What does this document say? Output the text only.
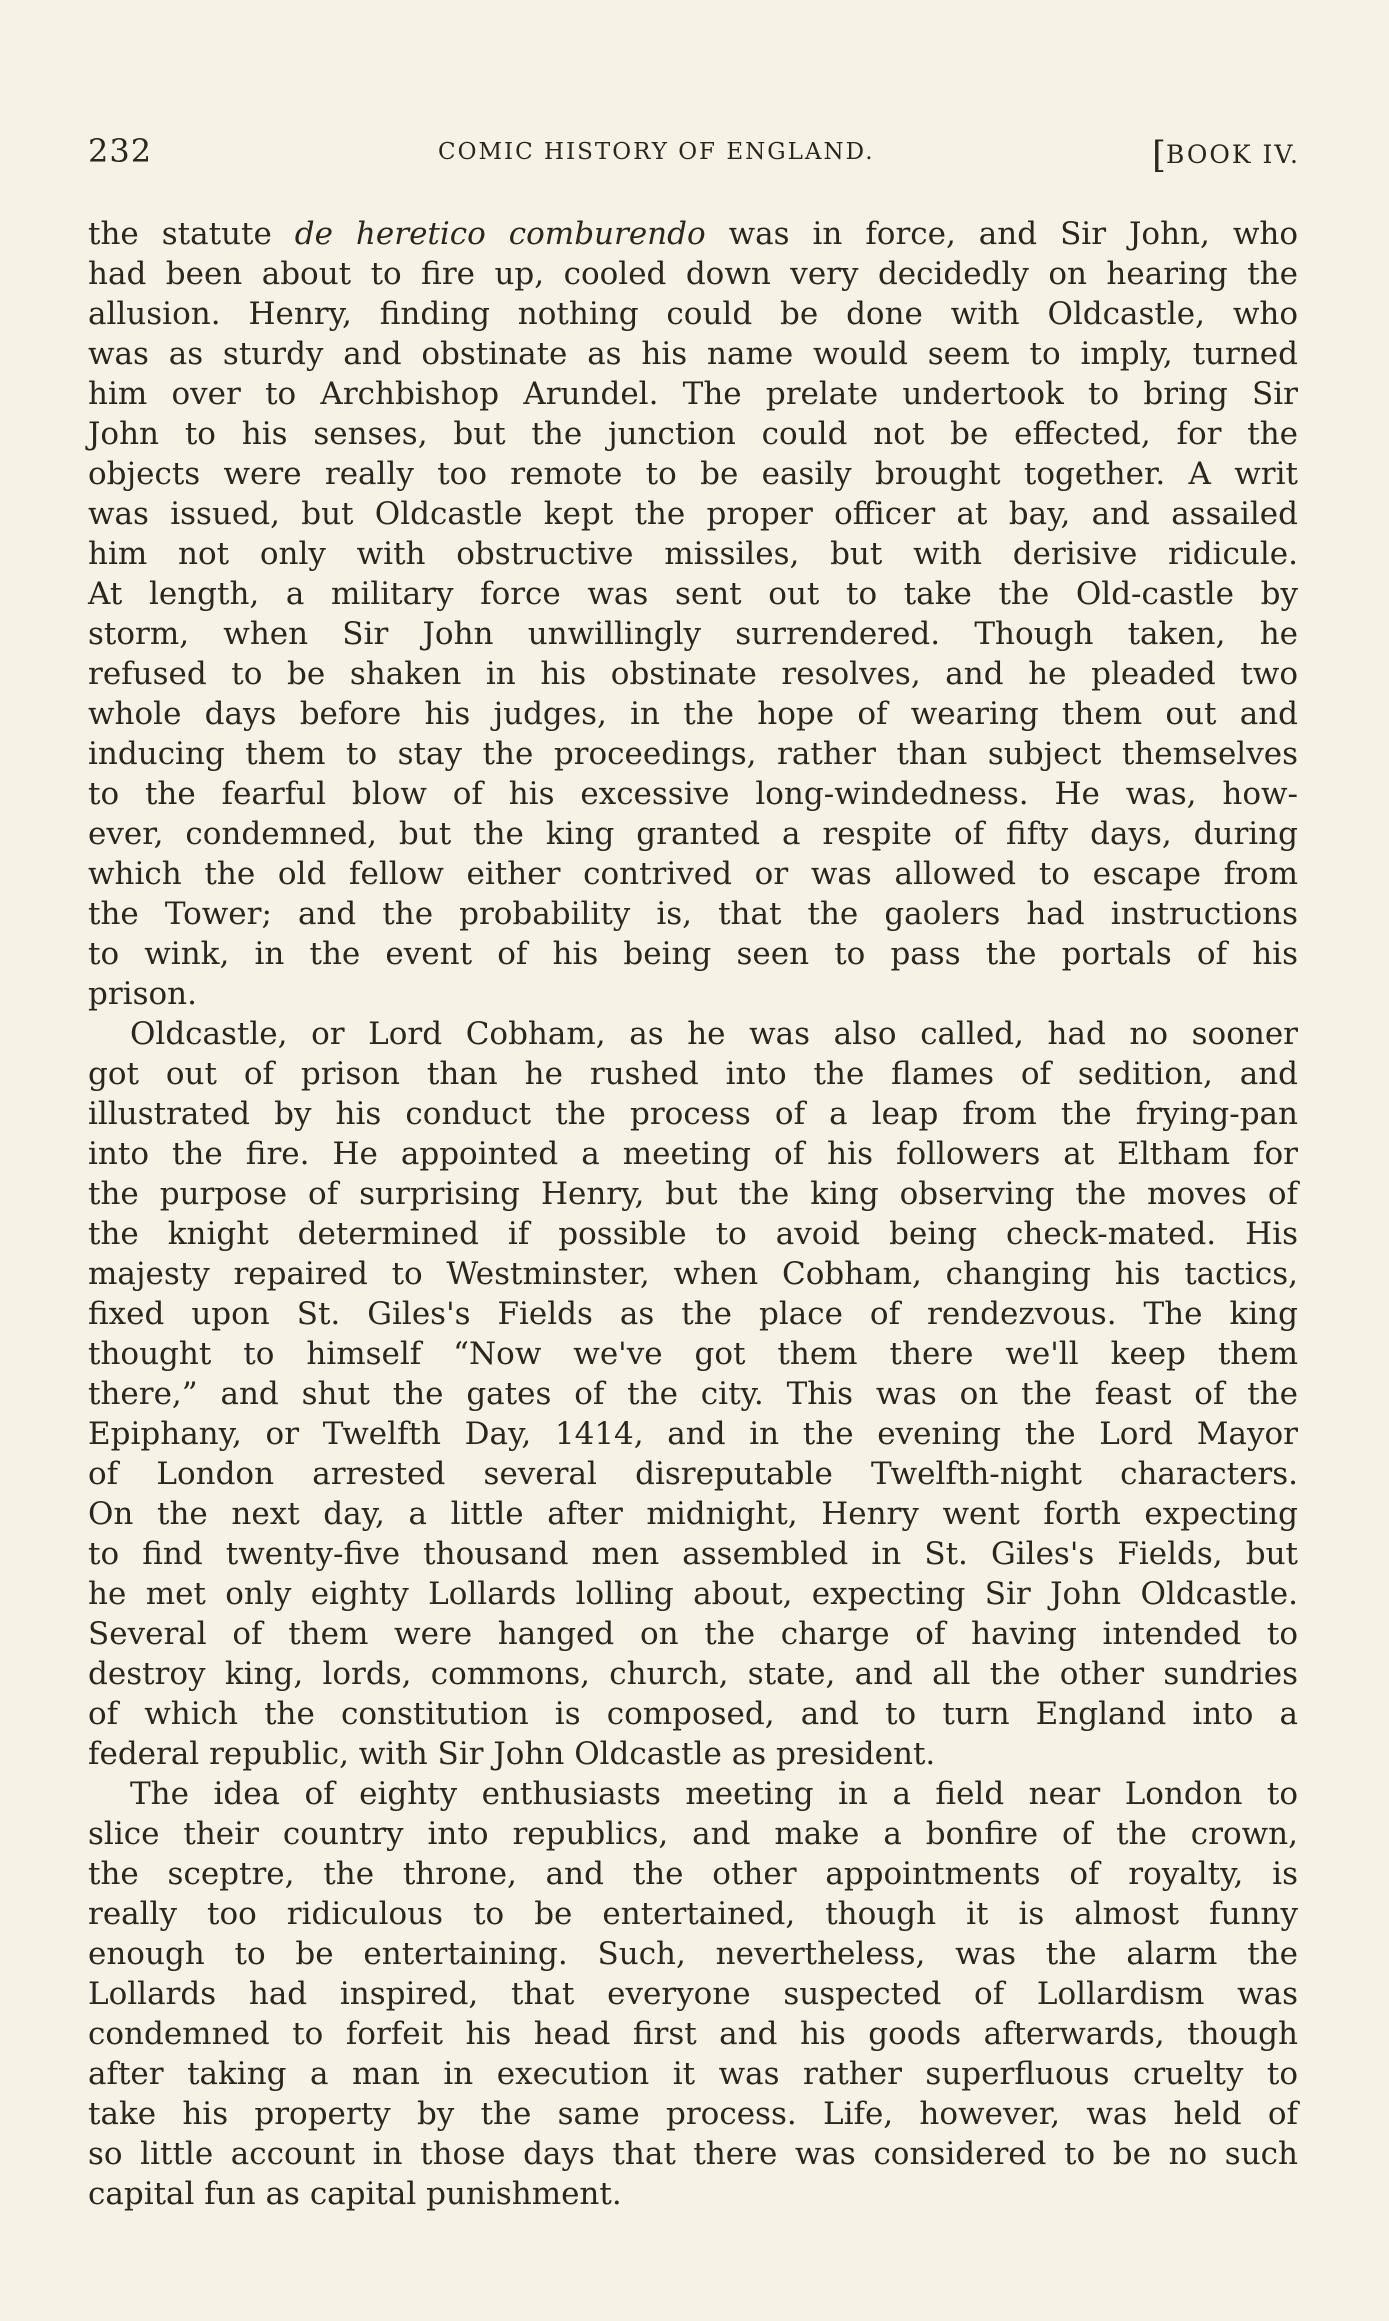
232	COMIC HISTORY OF ENGLAND.	[BOOK IV.
the statute de heretico comburendo was in force, and Sir John, who
had been about to fire up, cooled down very decidedly on hearing the
allusion. Henry, finding nothing could be done with Oldcastle, who
was as sturdy and obstinate as his name would seem to imply, turned
him over to Archbishop Arundel. The prelate undertook to bring Sir
John to his senses, but the junction could not be effected, for the
objects were really too remote to be easily brought together. A writ
was issued, but Oldcastle kept the proper officer at bay, and assailed
him not only with obstructive missiles, but with derisive ridicule.
At length, a military force was sent out to take the Old-castle by
storm, when Sir John unwillingly surrendered. Though taken, he
refused to be shaken in his obstinate resolves, and he pleaded two
whole days before his judges, in the hope of wearing them out and
inducing them to stay the proceedings, rather than subject themselves
to the fearful blow of his excessive long-windedness. He was, how-
ever, condemned, but the king granted a respite of fifty days, during
which the old fellow either contrived or was allowed to escape from
the Tower; and the probability is, that the gaolers had instructions
to wink, in the event of his being seen to pass the portals of his
prison.
Oldcastle, or Lord Cobham, as he was also called, had no sooner
got out of prison than he rushed into the flames of sedition, and
illustrated by his conduct the process of a leap from the frying-pan
into the fire. He appointed a meeting of his followers at Eltham for
the purpose of surprising Henry, but the king observing the moves of
the knight determined if possible to avoid being check-mated. His
majesty repaired to Westminster, when Cobham, changing his tactics,
fixed upon St. Giles's Fields as the place of rendezvous. The king
thought to himself “Now we've got them there we'll keep them
there,” and shut the gates of the city. This was on the feast of the
Epiphany, or Twelfth Day, 1414, and in the evening the Lord Mayor
of London arrested several disreputable Twelfth-night characters.
On the next day, a little after midnight, Henry went forth expecting
to find twenty-five thousand men assembled in St. Giles's Fields, but
he met only eighty Lollards lolling about, expecting Sir John Oldcastle.
Several of them were hanged on the charge of having intended to
destroy king, lords, commons, church, state, and all the other sundries
of which the constitution is composed, and to turn England into a
federal republic, with Sir John Oldcastle as president.
The idea of eighty enthusiasts meeting in a field near London to
slice their country into republics, and make a bonfire of the crown,
the sceptre, the throne, and the other appointments of royalty, is
really too ridiculous to be entertained, though it is almost funny
enough to be entertaining. Such, nevertheless, was the alarm the
Lollards had inspired, that everyone suspected of Lollardism was
condemned to forfeit his head first and his goods afterwards, though
after taking a man in execution it was rather superfluous cruelty to
take his property by the same process. Life, however, was held of
so little account in those days that there was considered to be no such
capital fun as capital punishment.
